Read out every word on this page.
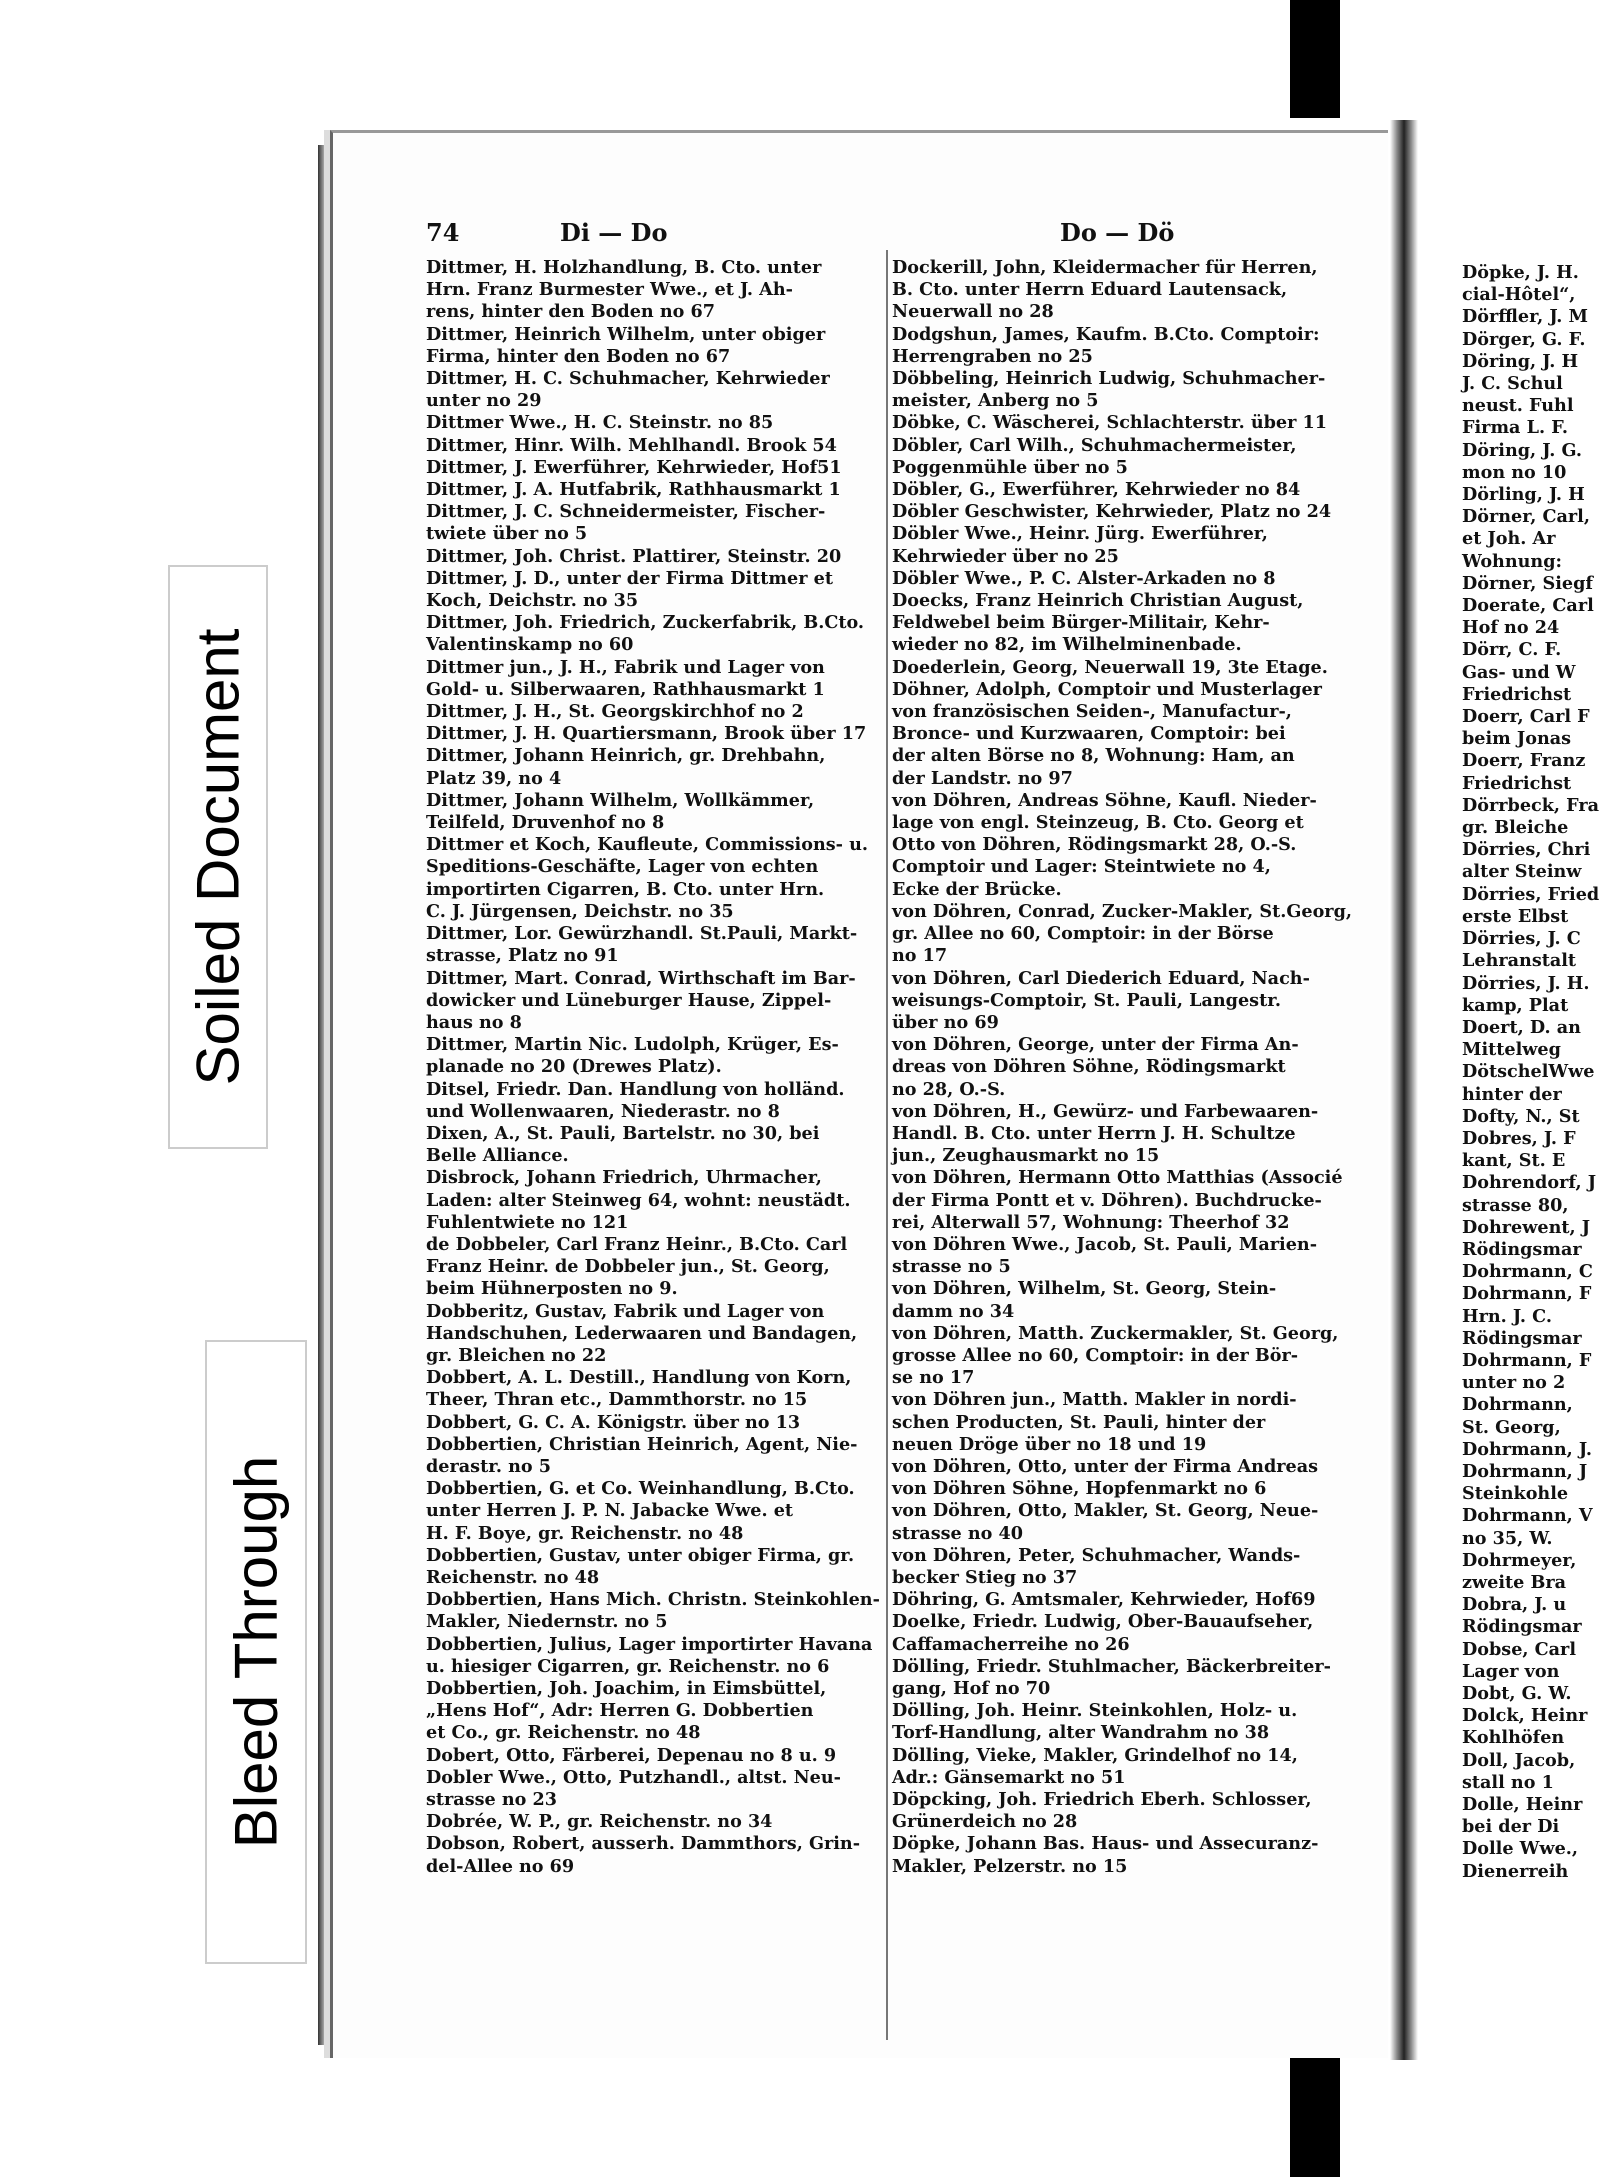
Soiled Document
Bleed Through
74	Di — Do	Do — Dö
Dittmer, H. Holzhandlung, B. Cto. unter
Hrn. Franz Burmester Wwe., et J. Ah-
rens, hinter den Boden no 67
Dittmer, Heinrich Wilhelm, unter obiger
Firma, hinter den Boden no 67
Dittmer, H. C. Schuhmacher, Kehrwieder
unter no 29
Dittmer Wwe., H. C. Steinstr. no 85
Dittmer, Hinr. Wilh. Mehlhandl. Brook 54
Dittmer, J. Ewerführer, Kehrwieder, Hof51
Dittmer, J. A. Hutfabrik, Rathhausmarkt 1
Dittmer, J. C. Schneidermeister, Fischer-
twiete über no 5
Dittmer, Joh. Christ. Plattirer, Steinstr. 20
Dittmer, J. D., unter der Firma Dittmer et
Koch, Deichstr. no 35
Dittmer, Joh. Friedrich, Zuckerfabrik, B.Cto.
Valentinskamp no 60
Dittmer jun., J. H., Fabrik und Lager von
Gold- u. Silberwaaren, Rathhausmarkt 1
Dittmer, J. H., St. Georgskirchhof no 2
Dittmer, J. H. Quartiersmann, Brook über 17
Dittmer, Johann Heinrich, gr. Drehbahn,
Platz 39, no 4
Dittmer, Johann Wilhelm, Wollkämmer,
Teilfeld, Druvenhof no 8
Dittmer et Koch, Kaufleute, Commissions- u.
Speditions-Geschäfte, Lager von echten
importirten Cigarren, B. Cto. unter Hrn.
C. J. Jürgensen, Deichstr. no 35
Dittmer, Lor. Gewürzhandl. St.Pauli, Markt-
strasse, Platz no 91
Dittmer, Mart. Conrad, Wirthschaft im Bar-
dowicker und Lüneburger Hause, Zippel-
haus no 8
Dittmer, Martin Nic. Ludolph, Krüger, Es-
planade no 20 (Drewes Platz).
Ditsel, Friedr. Dan. Handlung von holländ.
und Wollenwaaren, Niederastr. no 8
Dixen, A., St. Pauli, Bartelstr. no 30, bei
Belle Alliance.
Disbrock, Johann Friedrich, Uhrmacher,
Laden: alter Steinweg 64, wohnt: neustädt.
Fuhlentwiete no 121
de Dobbeler, Carl Franz Heinr., B.Cto. Carl
Franz Heinr. de Dobbeler jun., St. Georg,
beim Hühnerposten no 9.
Dobberitz, Gustav, Fabrik und Lager von
Handschuhen, Lederwaaren und Bandagen,
gr. Bleichen no 22
Dobbert, A. L. Destill., Handlung von Korn,
Theer, Thran etc., Dammthorstr. no 15
Dobbert, G. C. A. Königstr. über no 13
Dobbertien, Christian Heinrich, Agent, Nie-
derastr. no 5
Dobbertien, G. et Co. Weinhandlung, B.Cto.
unter Herren J. P. N. Jabacke Wwe. et
H. F. Boye, gr. Reichenstr. no 48
Dobbertien, Gustav, unter obiger Firma, gr.
Reichenstr. no 48
Dobbertien, Hans Mich. Christn. Steinkohlen-
Makler, Niedernstr. no 5
Dobbertien, Julius, Lager importirter Havana
u. hiesiger Cigarren, gr. Reichenstr. no 6
Dobbertien, Joh. Joachim, in Eimsbüttel,
„Hens Hof“, Adr: Herren G. Dobbertien
et Co., gr. Reichenstr. no 48
Dobert, Otto, Färberei, Depenau no 8 u. 9
Dobler Wwe., Otto, Putzhandl., altst. Neu-
strasse no 23
Dobrée, W. P., gr. Reichenstr. no 34
Dobson, Robert, ausserh. Dammthors, Grin-
del-Allee no 69
Dockerill, John, Kleidermacher für Herren,
B. Cto. unter Herrn Eduard Lautensack,
Neuerwall no 28
Dodgshun, James, Kaufm. B.Cto. Comptoir:
Herrengraben no 25
Döbbeling, Heinrich Ludwig, Schuhmacher-
meister, Anberg no 5
Döbke, C. Wäscherei, Schlachterstr. über 11
Döbler, Carl Wilh., Schuhmachermeister,
Poggenmühle über no 5
Döbler, G., Ewerführer, Kehrwieder no 84
Döbler Geschwister, Kehrwieder, Platz no 24
Döbler Wwe., Heinr. Jürg. Ewerführer,
Kehrwieder über no 25
Döbler Wwe., P. C. Alster-Arkaden no 8
Doecks, Franz Heinrich Christian August,
Feldwebel beim Bürger-Militair, Kehr-
wieder no 82, im Wilhelminenbade.
Doederlein, Georg, Neuerwall 19, 3te Etage.
Döhner, Adolph, Comptoir und Musterlager
von französischen Seiden-, Manufactur-,
Bronce- und Kurzwaaren, Comptoir: bei
der alten Börse no 8, Wohnung: Ham, an
der Landstr. no 97
von Döhren, Andreas Söhne, Kaufl. Nieder-
lage von engl. Steinzeug, B. Cto. Georg et
Otto von Döhren, Rödingsmarkt 28, O.-S.
Comptoir und Lager: Steintwiete no 4,
Ecke der Brücke.
von Döhren, Conrad, Zucker-Makler, St.Georg,
gr. Allee no 60, Comptoir: in der Börse
no 17
von Döhren, Carl Diederich Eduard, Nach-
weisungs-Comptoir, St. Pauli, Langestr.
über no 69
von Döhren, George, unter der Firma An-
dreas von Döhren Söhne, Rödingsmarkt
no 28, O.-S.
von Döhren, H., Gewürz- und Farbewaaren-
Handl. B. Cto. unter Herrn J. H. Schultze
jun., Zeughausmarkt no 15
von Döhren, Hermann Otto Matthias (Associé
der Firma Pontt et v. Döhren). Buchdrucke-
rei, Alterwall 57, Wohnung: Theerhof 32
von Döhren Wwe., Jacob, St. Pauli, Marien-
strasse no 5
von Döhren, Wilhelm, St. Georg, Stein-
damm no 34
von Döhren, Matth. Zuckermakler, St. Georg,
grosse Allee no 60, Comptoir: in der Bör-
se no 17
von Döhren jun., Matth. Makler in nordi-
schen Producten, St. Pauli, hinter der
neuen Dröge über no 18 und 19
von Döhren, Otto, unter der Firma Andreas
von Döhren Söhne, Hopfenmarkt no 6
von Döhren, Otto, Makler, St. Georg, Neue-
strasse no 40
von Döhren, Peter, Schuhmacher, Wands-
becker Stieg no 37
Döhring, G. Amtsmaler, Kehrwieder, Hof69
Doelke, Friedr. Ludwig, Ober-Bauaufseher,
Caffamacherreihe no 26
Dölling, Friedr. Stuhlmacher, Bäckerbreiter-
gang, Hof no 70
Dölling, Joh. Heinr. Steinkohlen, Holz- u.
Torf-Handlung, alter Wandrahm no 38
Dölling, Vieke, Makler, Grindelhof no 14,
Adr.: Gänsemarkt no 51
Döpcking, Joh. Friedrich Eberh. Schlosser,
Grünerdeich no 28
Döpke, Johann Bas. Haus- und Assecuranz-
Makler, Pelzerstr. no 15
Döpke, J. H.
cial-Hôtel“,
Dörffler, J. M
Dörger, G. F.
Döring, J. H
J. C. Schul
neust. Fuhl
Firma L. F.
Döring, J. G.
mon no 10
Dörling, J. H
Dörner, Carl,
et Joh. Ar
Wohnung:
Dörner, Siegf
Doerate, Carl
Hof no 24
Dörr, C. F.
Gas- und W
Friedrichst
Doerr, Carl F
beim Jonas
Doerr, Franz
Friedrichst
Dörrbeck, Fra
gr. Bleiche
Dörries, Chri
alter Steinw
Dörries, Fried
erste Elbst
Dörries, J. C
Lehranstalt
Dörries, J. H.
kamp, Plat
Doert, D. an
Mittelweg
DötschelWwe
hinter der
Dofty, N., St
Dobres, J. F
kant, St. E
Dohrendorf, J
strasse 80,
Dohrewent, J
Rödingsmar
Dohrmann, C
Dohrmann, F
Hrn. J. C.
Rödingsmar
Dohrmann, F
unter no 2
Dohrmann,
St. Georg,
Dohrmann, J.
Dohrmann, J
Steinkohle
Dohrmann, V
no 35, W.
Dohrmeyer,
zweite Bra
Dobra, J. u
Rödingsmar
Dobse, Carl
Lager von
Dobt, G. W.
Dolck, Heinr
Kohlhöfen
Doll, Jacob,
stall no 1
Dolle, Heinr
bei der Di
Dolle Wwe.,
Dienerreih
